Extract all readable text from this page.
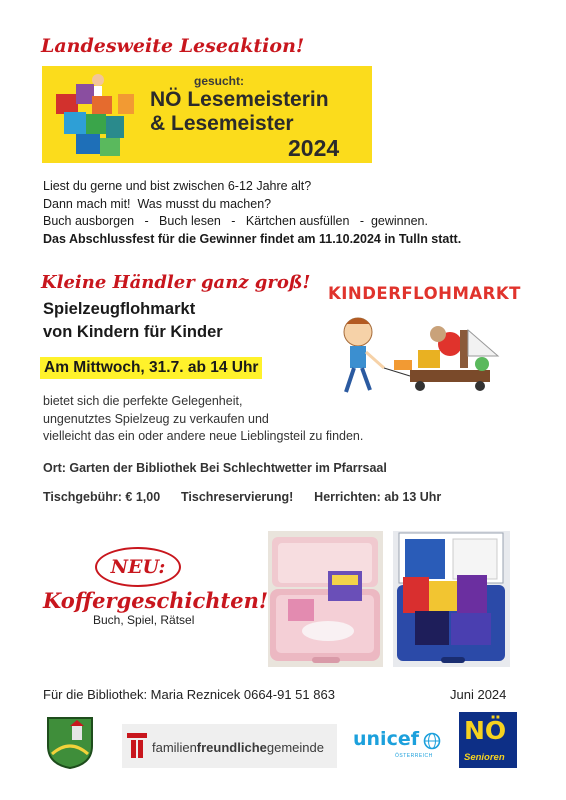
Landesweite Leseaktion!
gesucht:
NÖ Lesemeisterin
& Lesemeister
2024
Liest du gerne und bist zwischen 6-12 Jahre alt?
Dann mach mit!  Was musst du machen?
Buch ausborgen   -   Buch lesen   -   Kärtchen ausfüllen   -  gewinnen.
Das Abschlussfest für die Gewinner findet am 11.10.2024 in Tulln statt.
Kleine Händler ganz groß!
Spielzeugflohmarkt
von Kindern für Kinder
Am Mittwoch, 31.7. ab 14 Uhr
bietet sich die perfekte Gelegenheit,
ungenutztes Spielzeug zu verkaufen und
vielleicht das ein oder andere neue Lieblingsteil zu finden.
Ort: Garten der Bibliothek Bei Schlechtwetter im Pfarrsaal
Tischgebühr: € 1,00      Tischreservierung!      Herrichten: ab 13 Uhr
KINDERFLOHMARKT
NEU:
Koffergeschichten!
Buch, Spiel, Rätsel
Für die Bibliothek: Maria Reznicek 0664-91 51 863	Juni 2024
familienfreundlichegemeinde unicef
ÖSTERREICH
NÖ
Senioren
